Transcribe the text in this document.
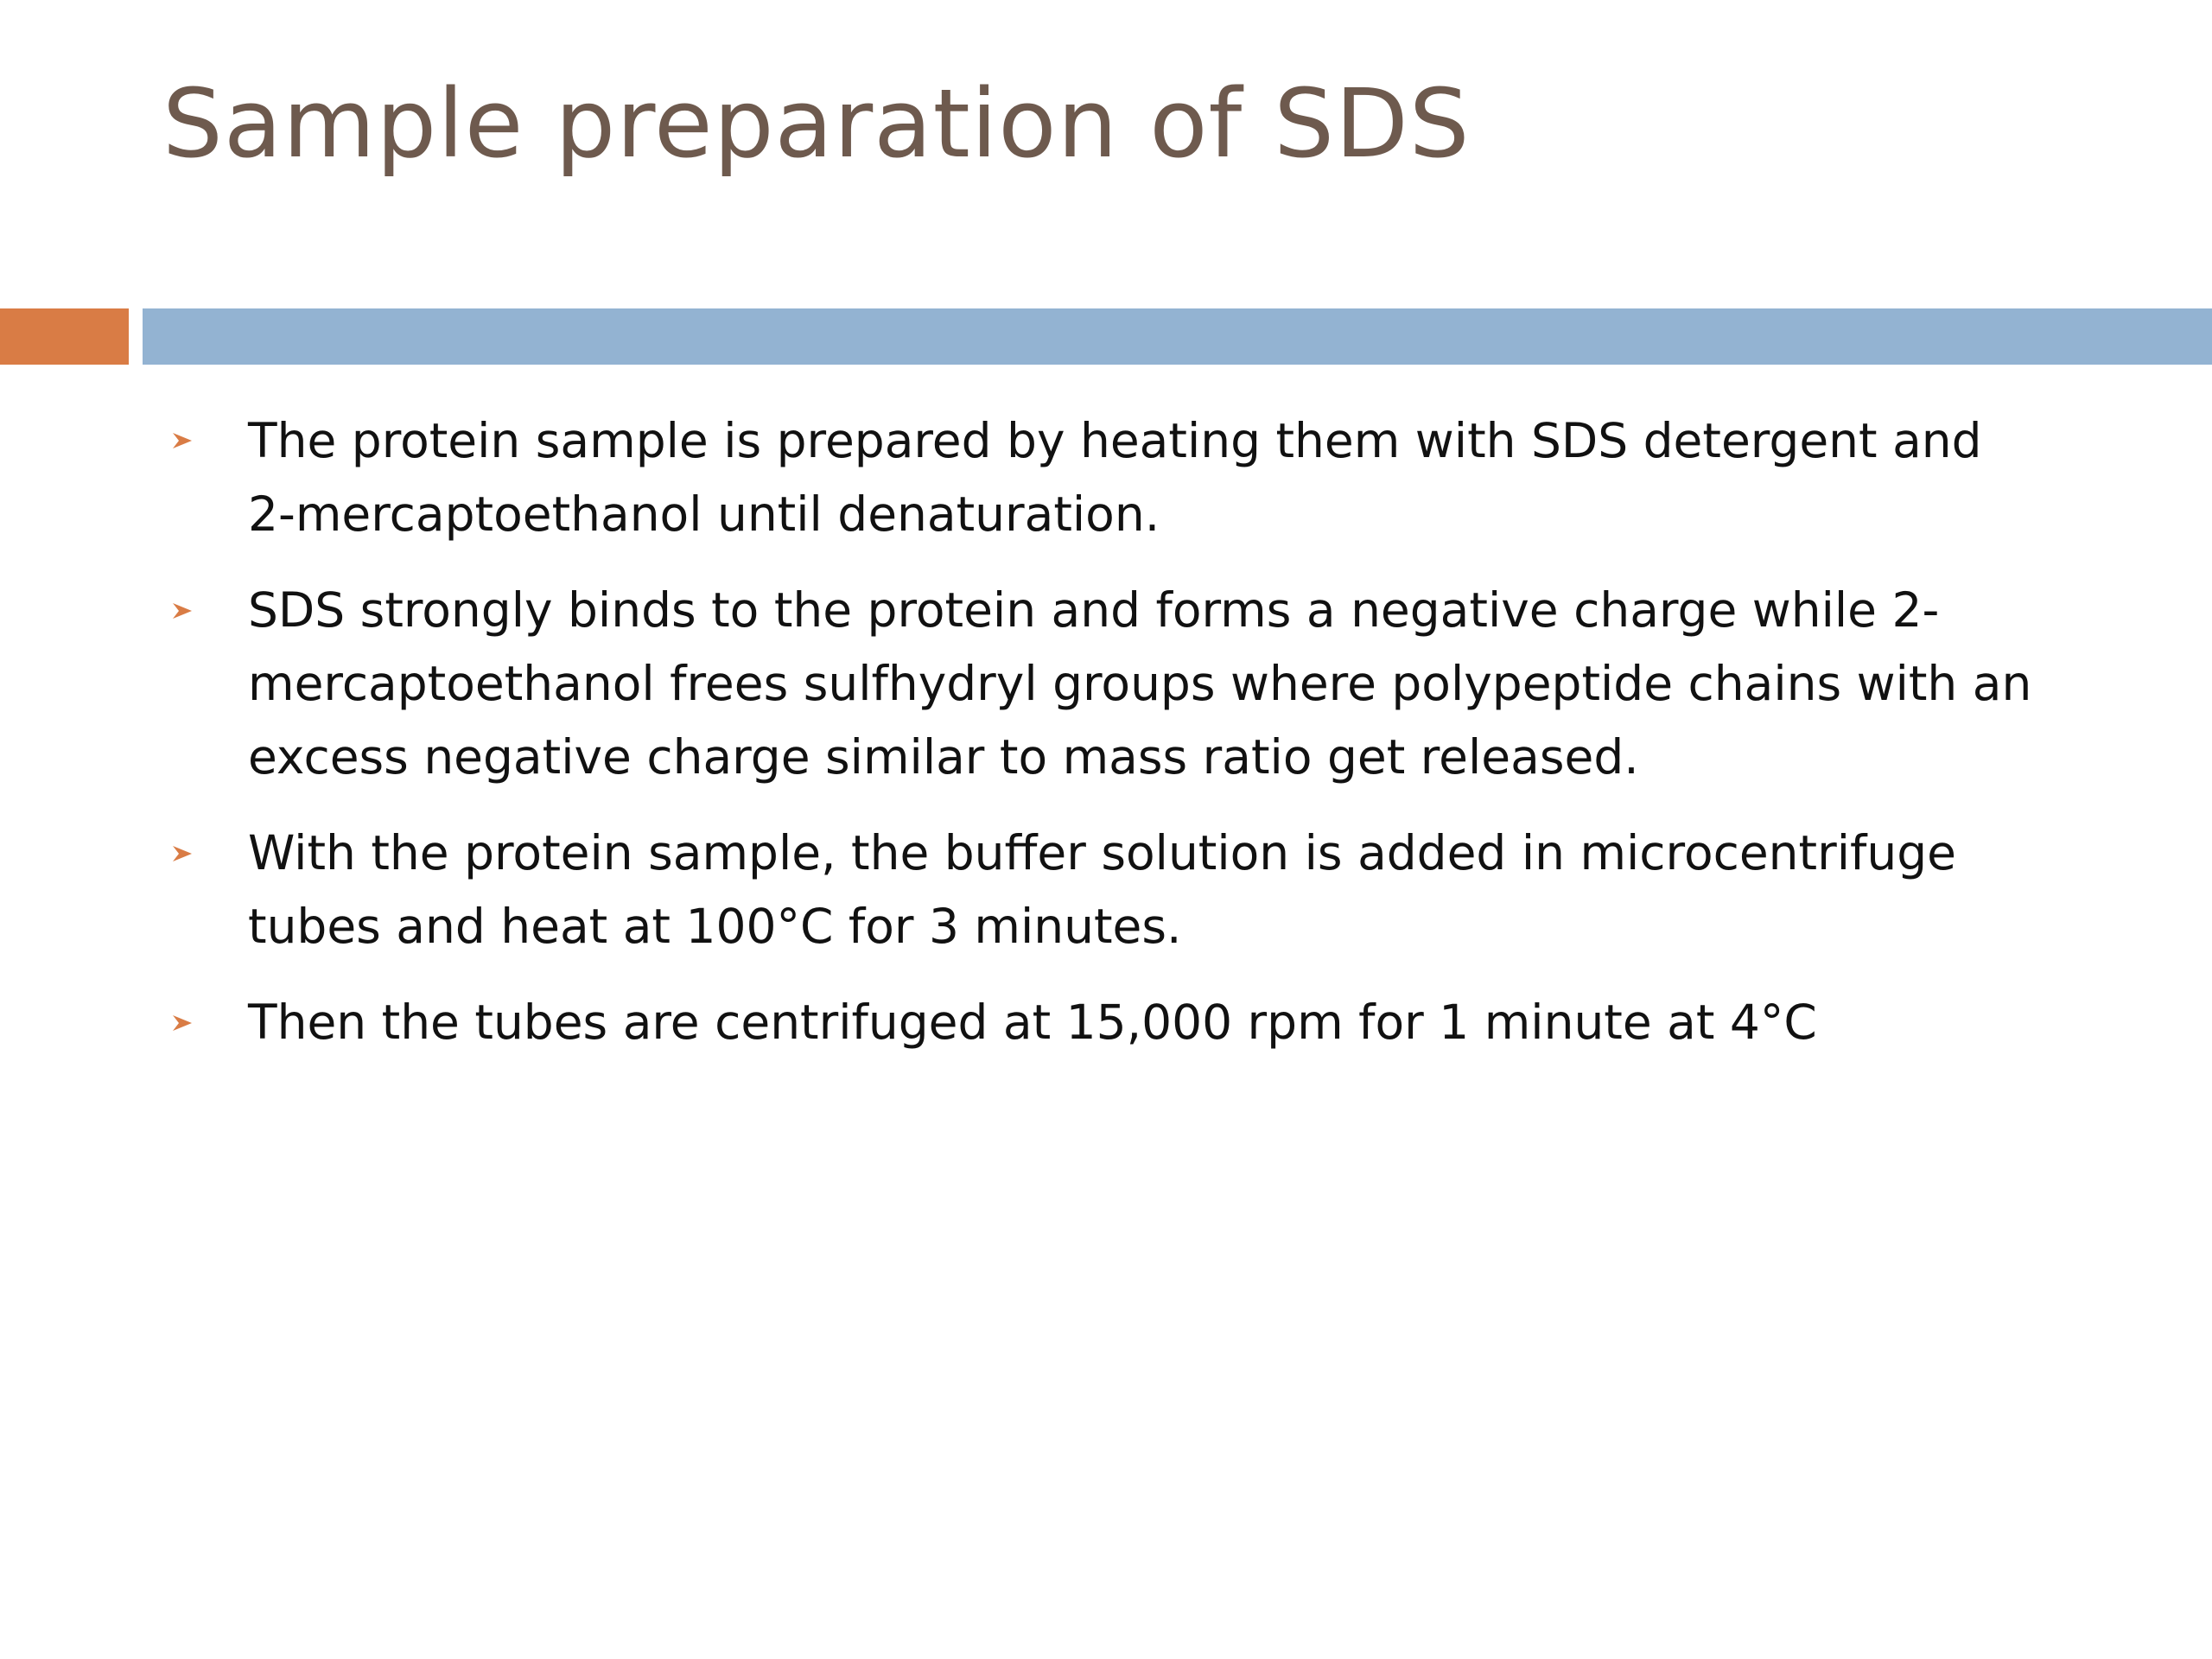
Sample preparation of SDS
The protein sample is prepared by heating them with SDS detergent and
2-mercaptoethanol until denaturation.
SDS strongly binds to the protein and forms a negative charge while 2-
mercaptoethanol frees sulfhydryl groups where polypeptide chains with an
excess negative charge similar to mass ratio get released.
With the protein sample, the buffer solution is added in microcentrifuge
tubes and heat at 100°C for 3 minutes.
Then the tubes are centrifuged at 15,000 rpm for 1 minute at 4°C
